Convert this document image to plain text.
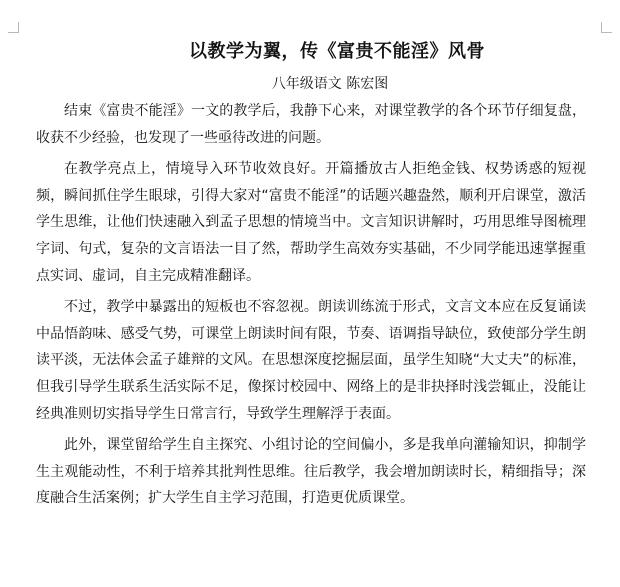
以教学为翼，传《富贵不能淫》风骨
八年级语文 陈宏图

结束《富贵不能淫》一文的教学后，我静下心来，对课堂教学的各个环节仔细复盘，收获不少经验，也发现了一些亟待改进的问题。

在教学亮点上，情境导入环节收效良好。开篇播放古人拒绝金钱、权势诱惑的短视频，瞬间抓住学生眼球，引得大家对“富贵不能淫”的话题兴趣盎然，顺利开启课堂，激活学生思维，让他们快速融入到孟子思想的情境当中。文言知识讲解时，巧用思维导图梳理字词、句式，复杂的文言语法一目了然，帮助学生高效夯实基础，不少同学能迅速掌握重点实词、虚词，自主完成精准翻译。

不过，教学中暴露出的短板也不容忽视。朗读训练流于形式，文言文本应在反复诵读中品悟韵味、感受气势，可课堂上朗读时间有限，节奏、语调指导缺位，致使部分学生朗读平淡，无法体会孟子雄辩的文风。在思想深度挖掘层面，虽学生知晓“大丈夫”的标准，但我引导学生联系生活实际不足，像探讨校园中、网络上的是非抉择时浅尝辄止，没能让经典准则切实指导学生日常言行，导致学生理解浮于表面。

此外，课堂留给学生自主探究、小组讨论的空间偏小，多是我单向灌输知识，抑制学生主观能动性，不利于培养其批判性思维。往后教学，我会增加朗读时长，精细指导；深度融合生活案例；扩大学生自主学习范围，打造更优质课堂。
